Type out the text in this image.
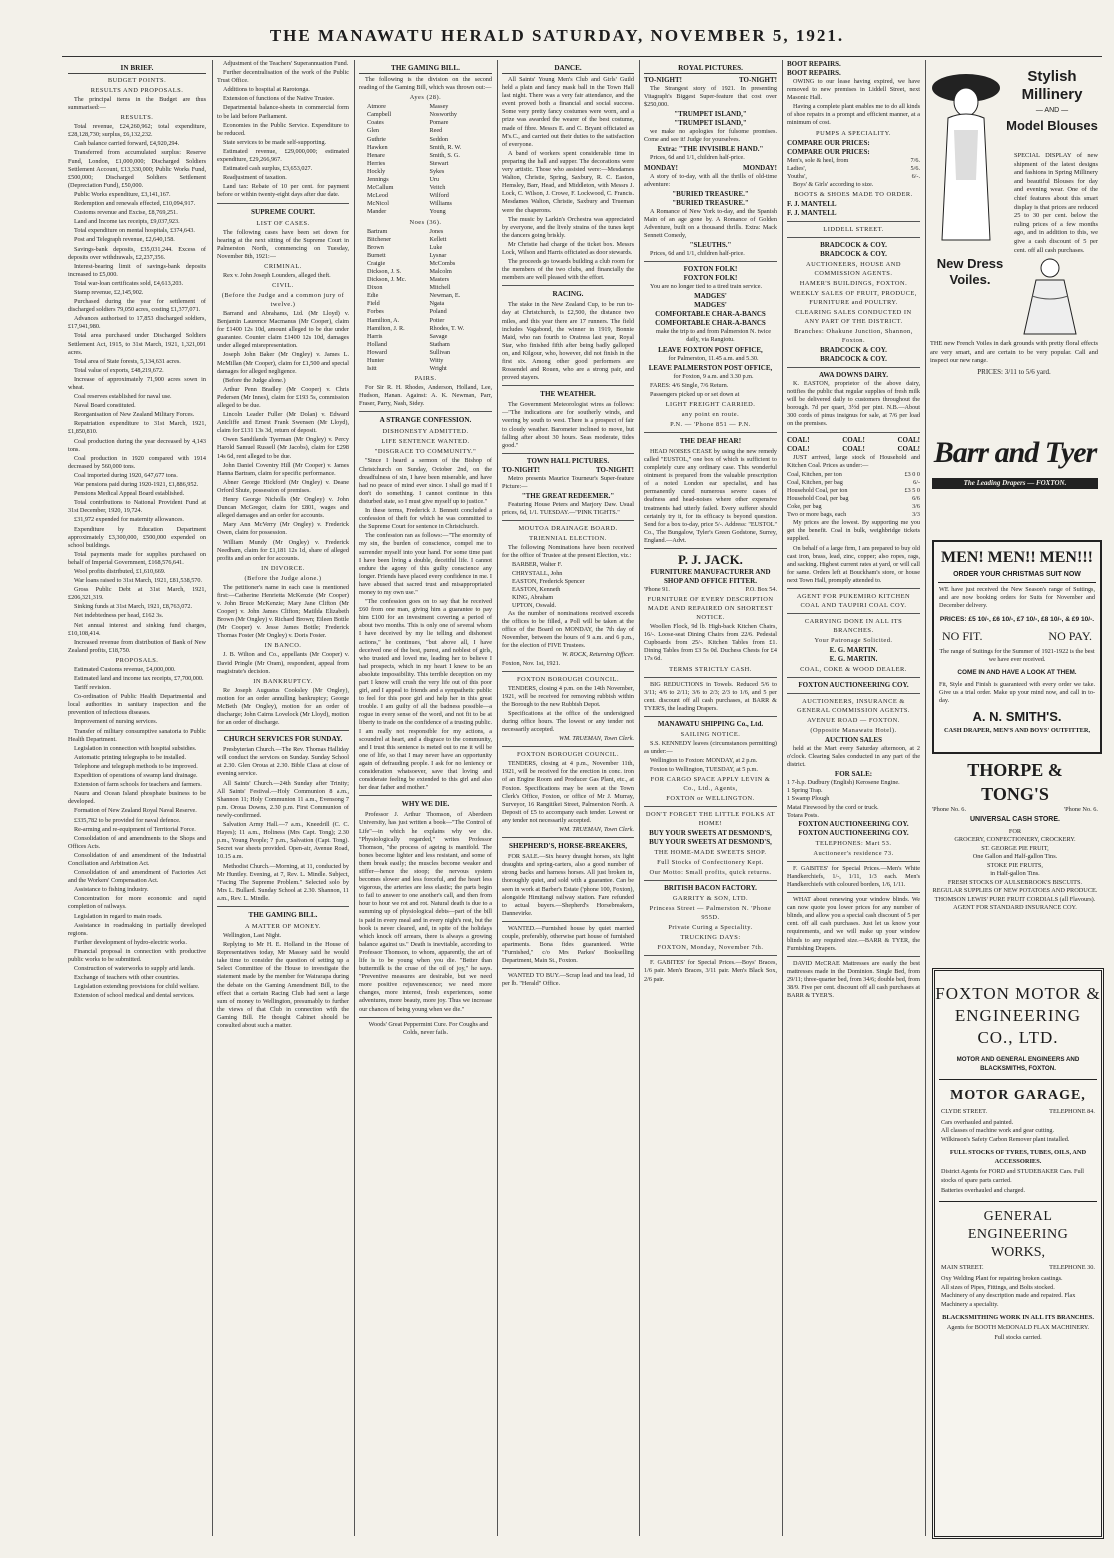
THE MANAWATU HERALD SATURDAY, NOVEMBER 5, 1921.
IN BRIEF.
BUDGET POINTS.
RESULTS AND PROPOSALS.

The principal items in the Budget are thus summarised:—

RESULTS.

Total revenue, £24,260,962; total expenditure, £28,128,730; surplus, £6,132,232.

Cash balance carried forward, £4,920,294.

Transferred from accumulated surplus: Reserve Fund, London, £1,000,000; Discharged Soldiers Settlement Account, £13,330,000; Public Works Fund, £500,000; Discharged Soldiers Settlement (Depreciation Fund), £50,000.

Public Works expenditure, £3,141,167.

Redemption and renewals effected, £10,094,917.

Customs revenue and Excise, £8,769,251.

Land and Income tax receipts, £9,037,923.

Total expenditure on mental hospitals, £374,643.

Post and Telegraph revenue, £2,640,158.

Savings-bank deposits, £35,031,244. Excess of deposits over withdrawals, £2,237,356.

Interest-bearing limit of savings-bank deposits increased to £5,000.

Total war-loan certificates sold, £4,613,203.

Stamp revenue, £2,145,902.

Purchased during the year for settlement of discharged soldiers 79,050 acres, costing £1,377,071.

Advances authorised to 17,853 discharged soldiers, £17,941,980.

Total area purchased under Discharged Soldiers Settlement Act, 1915, to 31st March, 1921, 1,321,091 acres.

Total area of State forests, 5,134,631 acres.

Total value of exports, £48,219,672.

Increase of approximately 71,900 acres sown in wheat.

Coal reserves established for naval use.

Naval Board constituted.

Reorganisation of New Zealand Military Forces.

Repatriation expenditure to 31st March, 1921, £1,850,810.

Coal production during the year decreased by 4,143 tons.

Coal production in 1920 compared with 1914 decreased by 560,000 tons.

Coal imported during 1920, 647,677 tons.

War pensions paid during 1920-1921, £1,886,952.

Pensions Medical Appeal Board established.

Total contributions to National Provident Fund at 31st December, 1920, 19,724.

£31,972 expended for maternity allowances.

Expenditure by Education Department approximately £3,300,000, £500,000 expended on school buildings.

Total payments made for supplies purchased on behalf of Imperial Government, £168,576,641.

Wool profits distributed, £1,610,669.

War loans raised to 31st March, 1921, £81,538,570.

Gross Public Debt at 31st March, 1921, £206,321,319.

Sinking funds at 31st March, 1921, £8,763,072.

Net indebtedness per head, £162 3s.

Net annual interest and sinking fund charges, £10,108,414.

Increased revenue from distribution of Bank of New Zealand profits, £18,750.

PROPOSALS.

Estimated Customs revenue, £4,000,000.

Estimated land and income tax receipts, £7,700,000.

Tariff revision.

Co-ordination of Public Health Departmental and local authorities in sanitary inspection and the prevention of infectious diseases.

Improvement of nursing services.

Transfer of military consumptive sanatoria to Public Health Department.

Legislation in connection with hospital subsidies.

Automatic printing telegraphs to be installed.

Telephone and telegraph methods to be improved.

Expedition of operations of swamp land drainage.

Extension of farm schools for teachers and farmers.

Nauru and Ocean Island phosphate business to be developed.

Formation of New Zealand Royal Naval Reserve.

£335,782 to be provided for naval defence.

Re-arming and re-equipment of Territorial Force.

Consolidation of and amendments to the Shops and Offices Acts.

Consolidation of and amendment of the Industrial Conciliation and Arbitration Act.

Consolidation of and amendment of Factories Act and the Workers' Compensation Act.

Assistance to fishing industry.

Concentration for more economic and rapid completion of railways.

Legislation in regard to main roads.

Assistance in roadmaking in partially developed regions.

Further development of hydro-electric works.

Financial proposal in connection with productive public works to be submitted.

Construction of waterworks to supply arid lands.

Exchange of teachers with other countries.

Legislation extending provisions for child welfare.

Extension of school medical and dental services.

Adjustment of the Teachers' Superannuation Fund.

Further decentralisation of the work of the Public Trust Office.

Additions to hospital at Rarotonga.

Extension of functions of the Native Trustee.

Departmental balance-sheets in commercial form to be laid before Parliament.

Economies in the Public Service. Expenditure to be reduced.

State services to be made self-supporting.

Estimated revenue, £29,000,000; estimated expenditure, £29,266,967.

Estimated cash surplus, £3,653,027.

Readjustment of taxation.

Land tax: Rebate of 10 per cent. for payment before or within twenty-eight days after due date.

SUPREME COURT.
LIST OF CASES.

The following cases have been set down for hearing at the next sitting of the Supreme Court in Palmerston North, commencing on Tuesday, November 8th, 1921:—

CRIMINAL.

Rex v. John Joseph Lounders, alleged theft.

CIVIL.
(Before the Judge and a common jury of twelve.)

Barrand and Abrahams, Ltd. (Mr Lloyd) v. Benjamin Laurence Macmanus (Mr Cooper), claim for £1400 12s 10d, amount alleged to be due under guarantee. Counter claim £1400 12s 10d, damages under alleged misrepresentation.

Joseph John Baker (Mr Ongley) v. James L. McMillan (Mr Cooper), claim for £1,500 and special damages for alleged negligence.

(Before the Judge alone.)

Arthur Penn Bradley (Mr Cooper) v. Chris Pedersen (Mr Innes), claim for £193 5s, commission alleged to be due.

Lincoln Leader Fuller (Mr Dolan) v. Edward Antcliffe and Ernest Frank Swensen (Mr Lloyd), claim for £131 13s 3d, return of deposit.

Owen Sandilands Tyerman (Mr Ongley) v. Percy Harold Samuel Russell (Mr Jacobs), claim for £298 14s 6d, rent alleged to be due.

John Daniel Coventry Hill (Mr Cooper) v. James Hanna Bartram, claim for specific performance.

Abner George Hickford (Mr Ongley) v. Deane Orford Shute, possession of premises.

Henry George Nicholls (Mr Ongley) v. John Duncan McGregor, claim for £801, wages and alleged damages and an order for accounts.

Mary Ann McVerry (Mr Ongley) v. Frederick Owen, claim for possession.

William Mundy (Mr Ongley) v. Frederick Needham, claim for £1,181 12s 1d, share of alleged profits and an order for accounts.

IN DIVORCE.
(Before the Judge alone.)

The petitioner's name in each case is mentioned first:—Catherine Henrietta McKenzie (Mr Cooper) v. John Bruce McKenzie; Mary Jane Clifton (Mr Cooper) v. John James Clifton; Matilda Elizabeth Brown (Mr Ongley) v. Richard Brown; Eileen Bottle (Mr Cooper) v. Jesse James Bottle; Frederick Thomas Foster (Mr Ongley) v. Doris Foster.

IN BANCO.

J. B. Wilton and Co., appellants (Mr Cooper) v. David Pringle (Mr Oram), respondent, appeal from magistrate's decision.

IN BANKRUPTCY.

Re Joseph Augustus Cooksley (Mr Ongley), motion for an order annulling bankruptcy; George McBeth (Mr Ongley), motion for an order of discharge; John Cairns Lovelock (Mr Lloyd), motion for an order of discharge.

CHURCH SERVICES FOR SUNDAY.

Presbyterian Church.—The Rev. Thomas Halliday will conduct the services on Sunday. Sunday School at 2.30. Glen Oroua at 2.30. Bible Class at close of evening service.

All Saints' Church.—24th Sunday after Trinity; All Saints' Festival.—Holy Communion 8 a.m., Shannon 11; Holy Communion 11 a.m., Evensong 7 p.m. Oroua Downs, 2.30 p.m. First Communion of newly-confirmed.

Salvation Army Hall.—7 a.m., Kneedrill (C. C. Hayes); 11 a.m., Holiness (Mrs Capt. Tong); 2.30 p.m., Young People; 7 p.m., Salvation (Capt. Tong). Secret war sheets provided. Open-air, Avenue Road, 10.15 a.m.

Methodist Church.—Morning, at 11, conducted by Mr Huntley. Evening, at 7, Rev. L. Mindle. Subject, "Facing The Supreme Problem." Selected solo by Mrs L. Bullard. Sunday School at 2.30. Shannon, 11 a.m., Rev. L. Mindle.

THE GAMING BILL.
A MATTER OF MONEY.

Wellington, Last Night.

Replying to Mr H. E. Holland in the House of Representatives today, Mr Massey said he would take time to consider the question of setting up a Select Committee of the House to investigate the statement made by the member for Wairarapa during the debate on the Gaming Amendment Bill, to the effect that a certain Racing Club had sent a large sum of money to Wellington, presumably to further the views of that Club in connection with the Gaming Bill. He thought Cabinet should be consulted about such a matter.

THE GAMING BILL.

The following is the division on the second reading of the Gaming Bill, which was thrown out:—

Ayes (28).
Atmore
Campbell
Coates
Glen
Guthrie
Hawken
Henare
Herries
Hockly
Jennings
McCallum
McLeod
McNicol
Mander
Massey
Nosworthy
Pomare
Reed
Seddon
Smith, R. W.
Smith, S. G.
Stewart
Sykes
Uru
Veitch
Wilford
Williams
Young
Noes (36).
Bartram
Bitchener
Brown
Burnett
Craigie
Dickson, J. S.
Dickson, J. Mc.
Dixon
Edie
Field
Forbes
Hamilton, A.
Hamilton, J. R.
Harris
Holland
Howard
Hunter
Isitt
Jones
Kellett
Luke
Lysnar
McCombs
Malcolm
Masters
Mitchell
Newman, E.
Ngata
Poland
Potter
Rhodes, T. W.
Savage
Statham
Sullivan
Witty
Wright
PAIRS.

For Sir R. H. Rhodes, Anderson, Holland, Lee, Hudson, Hanan. Against: A. K. Newman, Parr, Fraser, Parry, Nash, Sidey.

A STRANGE CONFESSION.
DISHONESTY ADMITTED.
LIFE SENTENCE WANTED.
"DISGRACE TO COMMUNITY."

"Since I heard a sermon of the Bishop of Christchurch on Sunday, October 2nd, on the dreadfulness of sin, I have been miserable, and have had no peace of mind ever since. I shall go mad if I don't do something. I cannot continue in this disturbed state, so I must give myself up to justice."

In these terms, Frederick J. Bennett concluded a confession of theft for which he was committed to the Supreme Court for sentence in Christchurch.

The confession ran as follows:—"The enormity of my sin, the burden of conscience, compel me to surrender myself into your hand. For some time past I have been living a double, deceitful life. I cannot endure the agony of this guilty conscience any longer. Friends have placed every confidence in me. I have abused that sacred trust and misappropriated money to my own use."

"The confession goes on to say that he received £60 from one man, giving him a guarantee to pay him £100 for an investment covering a period of about two months. This is only one of several whom I have deceived by my lie telling and dishonest actions," he continues, "but above all, I have deceived one of the best, purest, and noblest of girls, who trusted and loved me, leading her to believe I had prospects, which in my heart I knew to be an absolute impossibility. This terrible deception on my part I know will crush the very life out of this poor girl, and I appeal to friends and a sympathetic public to feel for this poor girl and help her in this great trouble. I am guilty of all the badness possible—a rogue in every sense of the word, and not fit to be at liberty to trade on the confidence of a trusting public. I am really not responsible for my actions, a scoundrel at heart, and a disgrace to the community, and I trust this sentence is meted out to me it will be one of life, so that I may never have an opportunity again of defrauding people. I ask for no leniency or consideration whatsoever, save that loving and considerate feeling be extended to this girl and also her dear father and mother."

WHY WE DIE.

Professor J. Arthur Thomson, of Aberdeen University, has just written a book—"The Control of Life"—in which he explains why we die. "Physiologically regarded," writes Professor Thomson, "the process of ageing is manifold. The bones become lighter and less resistant, and some of them break easily; the muscles become weaker and stiffer—hence the stoop; the nervous system becomes slower and less forceful, and the heart less vigorous, the arteries are less elastic; the parts begin to fail to answer to one another's call, and then from hour to hour we rot and rot. Natural death is due to a summing up of physiological debts—part of the bill is paid in every meal and in every night's rest, but the book is never cleared, and, in spite of the holidays which knock off arrears, there is always a growing balance against us." Death is inevitable, according to Professor Thomson, to whom, apparently, the art of life is to be young when you die. "Better than buttermilk is the cruse of the oil of joy," he says. "Preventive measures are desirable, but we need more positive rejuvenescence; we need more changes, more interest, fresh experiences, some adventures, more beauty, more joy. Thus we increase our chances of being young when we die."

Woods' Great Peppermint Cure. For Coughs and Colds, never fails.

DANCE.

All Saints' Young Men's Club and Girls' Guild held a plain and fancy mask ball in the Town Hall last night. There was a very fair attendance, and the event proved both a financial and social success. Some very pretty fancy costumes were worn, and a prize was awarded the wearer of the best costume, made of fibre. Messrs E. and C. Bryant officiated as M's.C., and carried out their duties to the satisfaction of everyone.

A band of workers spent considerable time in preparing the hall and supper. The decorations were very artistic. Those who assisted were:—Mesdames Walton, Christie, Spring, Saxbury, R. C. Easton, Hemsley, Barr, Head, and Middleton, with Messrs J. Lock, C. Wilson, J. Crowe, F. Lockwood, C. Francis. Mesdames Walton, Christie, Saxbury and Trueman were the chaperons.

The music by Larkin's Orchestra was appreciated by everyone, and the lively strains of the tunes kept the dancers going briskly.

Mr Christie had charge of the ticket box. Messrs Lock, Wilson and Harris officiated as door stewards.

The proceeds go towards building a club room for the members of the two clubs, and financially the members are well pleased with the effort.

RACING.

The stake in the New Zealand Cup, to be run to-day at Christchurch, is £2,500, the distance two miles, and this year there are 17 runners. The field includes Vagabond, the winner in 1919, Bonnie Maid, who ran fourth to Oratress last year, Royal Star, who finished fifth after being badly galloped on, and Kilgour, who, however, did not finish in the first six. Among other good performers are Rossendel and Rouen, who are a strong pair, and proved stayers.

THE WEATHER.

The Government Meteorologist wires as follows:—"The indications are for southerly winds, and veering by south to west. There is a prospect of fair to cloudy weather. Barometer inclined to move, but falling after about 30 hours. Seas moderate, tides good."

TOWN HALL PICTURES.
TO-NIGHT!	TO-NIGHT!

Metro presents Maurice Tourneur's Super-feature Picture:—

"THE GREAT REDEEMER."

Featuring House Peters and Marjory Daw. Usual prices, 6d, 1/1. TUESDAY.—"PINK TIGHTS."

MOUTOA DRAINAGE BOARD.
TRIENNIAL ELECTION.

The following Nominations have been received for the office of Trustee at the present Election, viz.:

BARBER, Walter F.
CHRYSTALL, John
EASTON, Frederick Spencer
EASTON, Kenneth
KING, Abraham
UPTON, Oswald.

As the number of nominations received exceeds the offices to be filled, a Poll will be taken at the office of the Board on MONDAY, the 7th day of November, between the hours of 9 a.m. and 6 p.m., for the election of FIVE Trustees.

W. ROCK, Returning Officer.
Foxton, Nov. 1st, 1921.
FOXTON BOROUGH COUNCIL.

TENDERS, closing 4 p.m. on the 14th November, 1921, will be received for removing rubbish within the Borough to the new Rubbish Depot.

Specifications at the office of the undersigned during office hours. The lowest or any tender not necessarily accepted.

WM. TRUEMAN, Town Clerk.
FOXTON BOROUGH COUNCIL.

TENDERS, closing at 4 p.m., November 11th, 1921, will be received for the erection in conc. iron of an Engine Room and Producer Gas Plant, etc., at Foxton. Specifications may be seen at the Town Clerk's Office, Foxton, or office of Mr J. Murray, Surveyor, 16 Rangitikei Street, Palmerston North. A Deposit of £5 to accompany each tender. Lowest or any tender not necessarily accepted.

WM. TRUEMAN, Town Clerk.
SHEPHERD'S, HORSE-BREAKERS,

FOR SALE.—Six heavy draught horses, six light draughts and spring-carters, also a good number of strong backs and harness horses. All just broken in, thoroughly quiet, and sold with a guarantee. Can be seen in work at Barber's Estate ('phone 100, Foxton), alongside Himitangi railway station. Fare refunded to actual buyers.—Shepherd's Horsebreakers, Dannevirke.

WANTED.—Furnished house by quiet married couple, preferably, otherwise part house of furnished apartments. Bona fides guaranteed. Write "Furnished," c/o Mrs Parkes' Bookselling Department, Main St., Foxton.

WANTED TO BUY.—Scrap lead and tea lead, 1d per lb. "Herald" Office.

ROYAL PICTURES.
TO-NIGHT!	TO-NIGHT!

The Strangest story of 1921. In presenting Vitagraph's Biggest Super-feature that cost over $250,000.

"TRUMPET ISLAND,"
"TRUMPET ISLAND,"

we make no apologies for fulsome promises. Come and see it! Judge for yourselves.

Extra: "THE INVISIBLE HAND."

Prices, 6d and 1/1, children half-price.

MONDAY!	MONDAY!

A story of to-day, with all the thrills of old-time adventure:

"BURIED TREASURE."
"BURIED TREASURE."

A Romance of New York to-day, and the Spanish Main of an age gone by. A Romance of Golden Adventure, built on a thousand thrills. Extra: Mack Sennett Comedy,

"SLEUTHS."

Prices, 6d and 1/1, children half-price.

FOXTON FOLK!
FOXTON FOLK!

You are no longer tied to a tired train service.

MADGES'
MADGES'
COMFORTABLE CHAR-A-BANCS
COMFORTABLE CHAR-A-BANCS

make the trip to and from Palmerston N. twice daily, via Rangiotu.

LEAVE FOXTON POST OFFICE,

for Palmerston, 11.45 a.m. and 5.30.

LEAVE PALMERSTON POST OFFICE,

for Foxton, 9 a.m. and 3.30 p.m.

FARES: 4/6 Single, 7/6 Return.

Passengers picked up or set down at

LIGHT FREIGHT CARRIED.
any point en route.
P.N. — 'Phone 851 — P.N.
THE DEAF HEAR!

HEAD NOISES CEASE by using the new remedy called "EUSTOL," one box of which is sufficient to completely cure any ordinary case. This wonderful ointment is prepared from the valuable prescription of a noted London ear specialist, and has permanently cured numerous severe cases of deafness and head-noises where other expensive treatments had utterly failed. Every sufferer should certainly try it, for its efficacy is beyond question. Send for a box to-day, price 5/-. Address: "EUSTOL" Co., The Bungalow, Tyler's Green Godstone, Surrey, England.—Advt.

P. J. JACK.
FURNITURE MANUFACTURER AND SHOP AND OFFICE FITTER.
'Phone 91.	P.O. Box 54.
FURNITURE OF EVERY DESCRIPTION MADE AND REPAIRED ON SHORTEST NOTICE.

Woollen Flock, 9d lb. High-back Kitchen Chairs, 16/-. Loose-seat Dining Chairs from 22/6. Pedestal Cupboards from 25/-. Kitchen Tables from £1. Dining Tables from £3 5s 0d. Duchess Chests for £4 17s 6d.

TERMS STRICTLY CASH.

BIG REDUCTIONS in Towels. Reduced 5/6 to 3/11; 4/6 to 2/11; 3/6 to 2/3; 2/3 to 1/6, and 5 per cent. discount off all cash purchases, at BARR & TYER'S, the leading Drapers.

MANAWATU SHIPPING Co., Ltd.
SAILING NOTICE.

S.S. KENNEDY leaves (circumstances permitting) as under:—

Wellington to Foxton: MONDAY, at 2 p.m.

Foxton to Wellington, TUESDAY, at 5 p.m.

FOR CARGO SPACE APPLY LEVIN & Co., Ltd., Agents,
FOXTON or WELLINGTON.
DON'T FORGET THE LITTLE FOLKS AT HOME!
BUY YOUR SWEETS AT DESMOND'S,
BUY YOUR SWEETS AT DESMOND'S,
THE HOME-MADE SWEETS SHOP.
Full Stocks of Confectionery Kept.
Our Motto: Small profits, quick returns.
BRITISH BACON FACTORY.
GARRITY & SON, LTD.
Princess Street — Palmerston N. 'Phone 955D.
Private Curing a Speciality.
TRUCKING DAYS:
FOXTON, Monday, November 7th.

F. GABITES' for Special Prices.—Boys' Braces, 1/6 pair. Men's Braces, 3/11 pair. Men's Black Sox, 2/6 pair.

BOOT REPAIRS.
BOOT REPAIRS.

OWING to our lease having expired, we have removed to new premises in Liddell Street, next Masonic Hall.

Having a complete plant enables me to do all kinds of shoe repairs in a prompt and efficient manner, at a minimum of cost.

PUMPS A SPECIALITY.
COMPARE OUR PRICES:
COMPARE OUR PRICES:
Men's, sole & heel, from	7/6.
Ladies',	5/6.
Youths',	6/-.

Boys' & Girls' according to size.

BOOTS & SHOES MADE TO ORDER.
F. J. MANTELL
F. J. MANTELL
LIDDELL STREET.
BRADCOCK & COY.
BRADCOCK & COY.
AUCTIONEERS, HOUSE AND COMMISSION AGENTS.
HAMER'S BUILDINGS, FOXTON.
WEEKLY SALES OF FRUIT, PRODUCE, FURNITURE and POULTRY.
CLEARING SALES CONDUCTED IN ANY PART OF THE DISTRICT.
Branches: Ohakune Junction, Shannon, Foxton.
BRADCOCK & COY.
BRADCOCK & COY.
AWA DOWNS DAIRY.

K. EASTON, proprietor of the above dairy, notifies the public that regular supplies of fresh milk will be delivered daily to customers throughout the borough. 7d per quart, 3½d per pint. N.B.—About 300 cords of pinus insignus for sale, at 7/6 per load on the premises.

COAL!	COAL!	COAL!
COAL!	COAL!	COAL!

JUST arrived, large stock of Household and Kitchen Coal. Prices as under:—

Coal, Kitchen, per ton	£3 0 0
Coal, Kitchen, per bag	6/-
Household Coal, per ton	£3 5 0
Household Coal, per bag	6/6
Coke, per bag	3/6
Two or more bags, each	3/3

My prices are the lowest. By supporting me you get the benefit. Coal in bulk, weighbridge tickets supplied.

On behalf of a large firm, I am prepared to buy old cast iron, brass, lead, zinc, copper; also ropes, rags, and sacking. Highest current rates at yard, or will call for same. Orders left at Bouckham's store, or house next Town Hall, promptly attended to.

AGENT FOR PUKEMIRO KITCHEN COAL AND TAUPIRI COAL COY.
CARRYING DONE IN ALL ITS BRANCHES.
Your Patronage Solicited.
E. G. MARTIN.
E. G. MARTIN.
COAL, COKE & WOOD DEALER.
FOXTON AUCTIONEERING COY.
AUCTIONEERS, INSURANCE & GENERAL COMMISSION AGENTS.
AVENUE ROAD — FOXTON.
(Opposite Manawatu Hotel).
AUCTION SALES

held at the Mart every Saturday afternoon, at 2 o'clock. Clearing Sales conducted in any part of the district.

FOR SALE:
1 7-h.p. Dudbury (English) Kerosene Engine.
1 Spring Trap.
1 Swamp Plough
Matai Firewood by the cord or truck.
Totara Posts.
FOXTON AUCTIONEERING COY.
FOXTON AUCTIONEERING COY.
TELEPHONES: Mart 53.
Auctioneer's residence 73.

F. GABITES' for Special Prices.—Men's White Handkerchiefs, 1/-, 1/11, 1/3 each. Men's Handkerchiefs with coloured borders, 1/6, 1/11.

WHAT about renewing your window blinds. We can now quote you lower prices for any number of blinds, and allow you a special cash discount of 5 per cent. off all cash purchases. Just let us know your requirements, and we will make up your window blinds to any required size.—BARR & TYER, the Furnishing Drapers.

DAVID McCRAE Mattresses are easily the best mattresses made in the Dominion. Single Bed, from 29/11; three-quarter bed, from 34/6; double bed, from 38/9. Five per cent. discount off all cash purchases at BARR & TYER'S.

Stylish
Millinery
— AND —
Model Blouses
SPECIAL DISPLAY of new shipment of the latest designs and fashions in Spring Millinery and beautiful Blouses for day and evening wear. One of the chief features about this smart display is that prices are reduced 25 to 30 per cent. below the ruling prices of a few months ago, and in addition to this, we give a cash discount of 5 per cent. off all cash purchases.
New Dress
Voiles.
THE new French Voiles in dark grounds with pretty floral effects are very smart, and are certain to be very popular. Call and inspect our new range.
PRICES: 3/11 to 5/6 yard.
Barr and Tyer
The Leading Drapers — FOXTON.
MEN! MEN!! MEN!!!
ORDER YOUR CHRISTMAS SUIT NOW
WE have just received the New Season's range of Suitings, and are now booking orders for Suits for November and December delivery.
PRICES: £5 10/-, £6 10/-, £7 10/-, £8 10/-, & £9 10/-.
NO FIT.	NO PAY.
The range of Suitings for the Summer of 1921-1922 is the best we have ever received.
COME IN AND HAVE A LOOK AT THEM.
Fit, Style and Finish is guaranteed with every order we take. Give us a trial order. Make up your mind now, and call in to-day.
A. N. SMITH'S.
CASH DRAPER, MEN'S AND BOYS' OUTFITTER,
THORPE & TONG'S
'Phone No. 6.	'Phone No. 6.
UNIVERSAL CASH STORE.
FOR
GROCERY, CONFECTIONERY, CROCKERY.
ST. GEORGE PIE FRUIT,
One Gallon and Half-gallon Tins.
STOKE PIE FRUITS,
in Half-gallon Tins.
FRESH STOCKS OF AULSEBROOK'S BISCUITS.
REGULAR SUPPLIES OF NEW POTATOES AND PRODUCE.
THOMSON LEWIS' PURE FRUIT CORDIALS (all Flavours).
AGENT FOR STANDARD INSURANCE COY.
FOXTON MOTOR &
ENGINEERING
CO., LTD.
MOTOR AND GENERAL ENGINEERS AND BLACKSMITHS, FOXTON.
MOTOR GARAGE,
CLYDE STREET.	TELEPHONE 84.
Cars overhauled and painted.
All classes of machine work and gear cutting.
Wilkinson's Safety Carbon Remover plant installed.
FULL STOCKS OF TYRES, TUBES, OILS, AND ACCESSORIES.
District Agents for FORD and STUDEBAKER Cars. Full stocks of spare parts carried.
Batteries overhauled and charged.
GENERAL ENGINEERING
WORKS,
MAIN STREET.	TELEPHONE 30.
Oxy Welding Plant for repairing broken castings.
All sizes of Pipes, Fittings, and Bolts stocked.
Machinery of any description made and repaired. Flax Machinery a speciality.
BLACKSMITHING WORK IN ALL ITS BRANCHES.
Agents for BOOTH McDONALD FLAX MACHINERY.
Full stocks carried.
